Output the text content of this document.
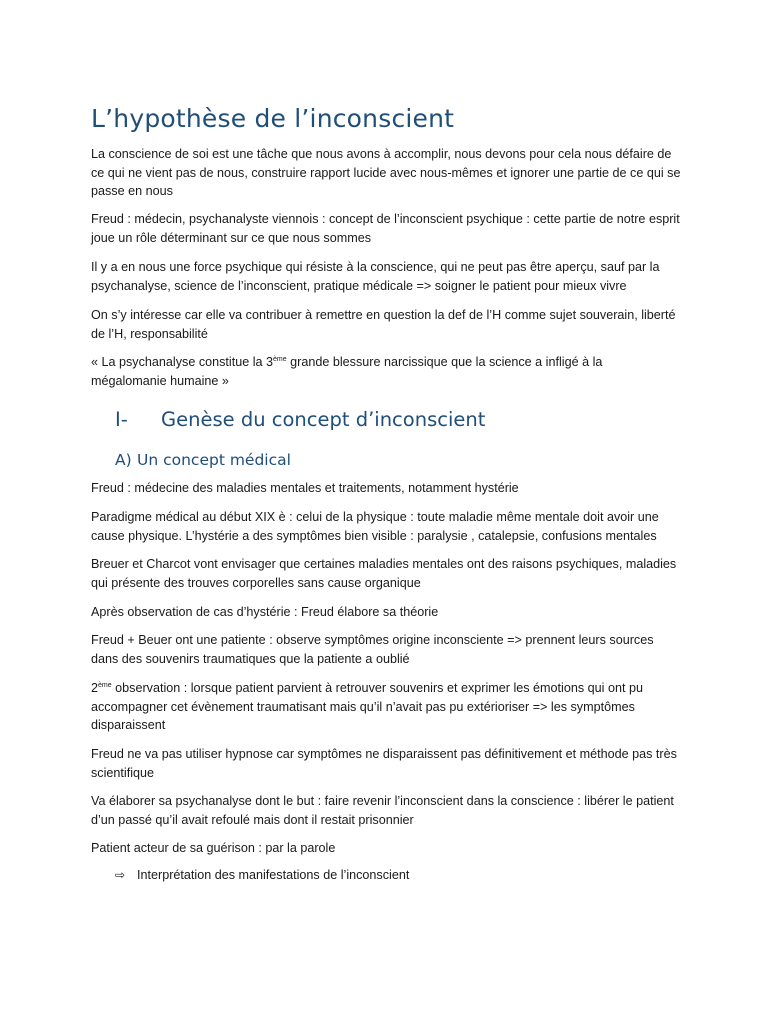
L’hypothèse de l’inconscient

La conscience de soi est une tâche que nous avons à accomplir, nous devons pour cela nous défaire de ce qui ne vient pas de nous, construire rapport lucide avec nous-mêmes et ignorer une partie de ce qui se passe en nous

Freud : médecin, psychanalyste viennois : concept de l’inconscient psychique : cette partie de notre esprit joue un rôle déterminant sur ce que nous sommes

Il y a en nous une force psychique qui résiste à la conscience, qui ne peut pas être aperçu, sauf par la psychanalyse, science de l’inconscient, pratique médicale => soigner le patient pour mieux vivre

On s’y intéresse car elle va contribuer à remettre en question la def de l’H comme sujet souverain, liberté de l’H, responsabilité

« La psychanalyse constitue la 3ème grande blessure narcissique que la science a infligé à la mégalomanie humaine »

I- Genèse du concept d’inconscient
A) Un concept médical

Freud : médecine des maladies mentales et traitements, notamment hystérie

Paradigme médical au début XIX è : celui de la physique : toute maladie même mentale doit avoir une cause physique. L’hystérie a des symptômes bien visible : paralysie , catalepsie, confusions mentales

Breuer et Charcot vont envisager que certaines maladies mentales ont des raisons psychiques, maladies qui présente des trouves corporelles sans cause organique

Après observation de cas d’hystérie : Freud élabore sa théorie

Freud + Beuer ont une patiente : observe symptômes origine inconsciente => prennent leurs sources dans des souvenirs traumatiques que la patiente a oublié

2ème observation : lorsque patient parvient à retrouver souvenirs et exprimer les émotions qui ont pu accompagner cet évènement traumatisant mais qu’il n’avait pas pu extérioriser => les symptômes disparaissent

Freud ne va pas utiliser hypnose car symptômes ne disparaissent pas définitivement et méthode pas très scientifique

Va élaborer sa psychanalyse dont le but : faire revenir l’inconscient dans la conscience : libérer le patient d’un passé qu’il avait refoulé mais dont il restait prisonnier

Patient acteur de sa guérison : par la parole

⇨ Interprétation des manifestations de l’inconscient
